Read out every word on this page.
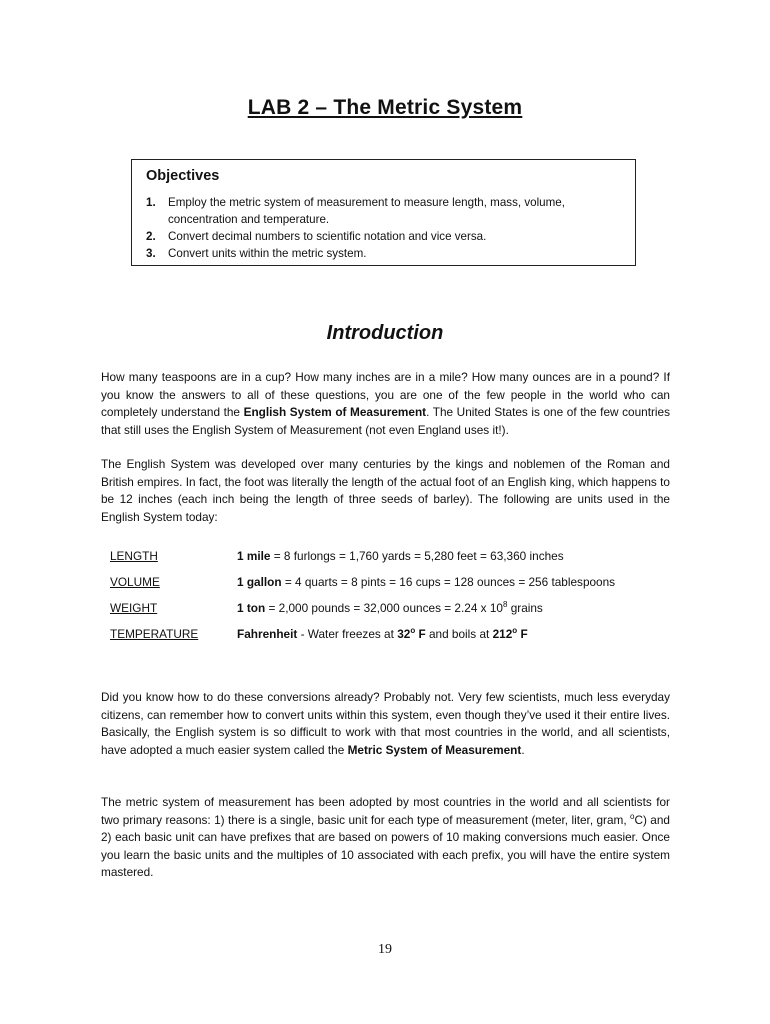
LAB 2 – The Metric System
Objectives
1.	Employ the metric system of measurement to measure length, mass, volume, concentration and temperature.
2.	Convert decimal numbers to scientific notation and vice versa.
3.	Convert units within the metric system.
Introduction

How many teaspoons are in a cup? How many inches are in a mile? How many ounces are in a pound? If you know the answers to all of these questions, you are one of the few people in the world who can completely understand the English System of Measurement. The United States is one of the few countries that still uses the English System of Measurement (not even England uses it!).

The English System was developed over many centuries by the kings and noblemen of the Roman and British empires. In fact, the foot was literally the length of the actual foot of an English king, which happens to be 12 inches (each inch being the length of three seeds of barley). The following are units used in the English System today:

LENGTH	1 mile = 8 furlongs = 1,760 yards = 5,280 feet = 63,360 inches
VOLUME	1 gallon = 4 quarts = 8 pints = 16 cups = 128 ounces = 256 tablespoons
WEIGHT	1 ton = 2,000 pounds = 32,000 ounces = 2.24 x $10^8$ grains
TEMPERATURE	Fahrenheit - Water freezes at 32$^o$ F and boils at 212$^o$ F

Did you know how to do these conversions already? Probably not. Very few scientists, much less everyday citizens, can remember how to convert units within this system, even though they’ve used it their entire lives. Basically, the English system is so difficult to work with that most countries in the world, and all scientists, have adopted a much easier system called the Metric System of Measurement.

The metric system of measurement has been adopted by most countries in the world and all scientists for two primary reasons: 1) there is a single, basic unit for each type of measurement (meter, liter, gram, $^o$C) and 2) each basic unit can have prefixes that are based on powers of 10 making conversions much easier. Once you learn the basic units and the multiples of 10 associated with each prefix, you will have the entire system mastered.

19
